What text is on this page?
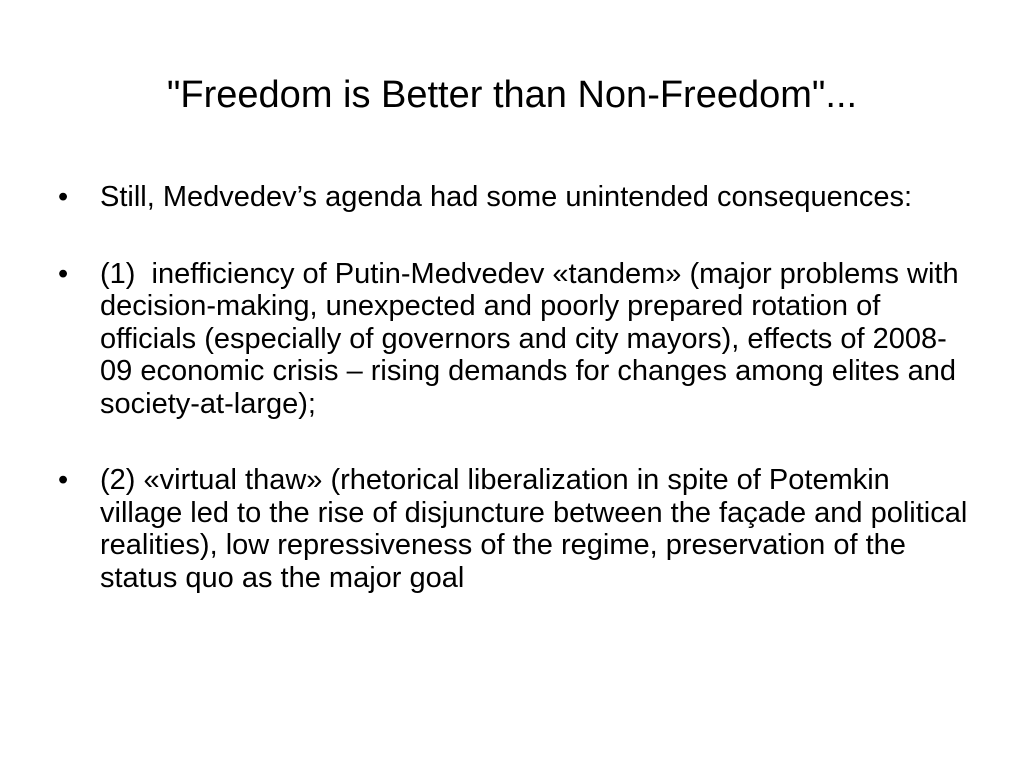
"Freedom is Better than Non-Freedom"...
•	Still, Medvedev’s agenda had some unintended consequences:
•	(1)  inefficiency of Putin-Medvedev «tandem» (major problems with decision-making, unexpected and poorly prepared rotation of officials (especially of governors and city mayors), effects of 2008-09 economic crisis – rising demands for changes among elites and society-at-large);
•	(2) «virtual thaw» (rhetorical liberalization in spite of Potemkin village led to the rise of disjuncture between the façade and political realities), low repressiveness of the regime, preservation of the status quo as the major goal
